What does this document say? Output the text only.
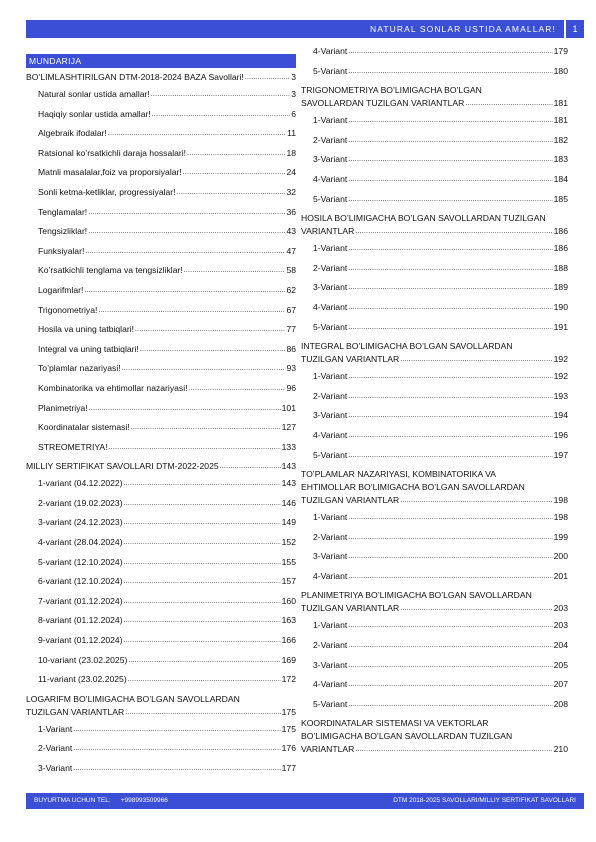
NATURAL SONLAR USTIDA AMALLAR!	1
MUNDARIJA
BO’LIMLASHTIRILGAN DTM-2018-2024 BAZA Savollari! .....	3
Natural sonlar ustida amallar! .....	3
Haqiqiy sonlar ustida amallar! .....	6
Algebraik ifodalar! .....	11
Ratsional ko’rsatkichli daraja hossalari! .....	18
Matnli masalalar,foiz va proporsiyalar! .....	24
Sonli ketma-ketliklar, progressiyalar! .....	32
Tenglamalar! .....	36
Tengsizliklar! .....	43
Funksiyalar! .....	47
Ko’rsatkichli tenglama va tengsizliklar! .....	58
Logarifmlar! .....	62
Trigonometriya! .....	67
Hosila va uning tatbiqlari! .....	77
Integral va uning tatbiqlari! .....	86
To’plamlar nazariyasi! .....	93
Kombinatorika va ehtimollar nazariyasi! .....	96
Planimetriya! .....	101
Koordinatalar sistemasi! .....	127
STREOMETRIYA! .....	133
MILLIY SERTIFIKAT SAVOLLARI DTM-2022-2025 .....	143
1-variant (04.12.2022) .....	143
2-variant (19.02.2023) .....	146
3-variant (24.12.2023) .....	149
4-variant (28.04.2024) .....	152
5-variant (12.10.2024) .....	155
6-variant (12.10.2024) .....	157
7-variant (01.12.2024) .....	160
8-variant (01.12.2024) .....	163
9-variant (01.12.2024) .....	166
10-variant (23.02.2025) .....	169
11-variant (23.02.2025) .....	172
LOGARIFM BO’LIMIGACHA BO’LGAN SAVOLLARDAN
TUZILGAN VARIANTLAR .....	175
1-Variant .....	175
2-Variant .....	176
3-Variant .....	177
4-Variant .....	179
5-Variant .....	180
TRIGONOMETRIYA BO’LIMIGACHA BO’LGAN
SAVOLLARDAN TUZILGAN VARIANTLAR .....	181
1-Variant .....	181
2-Variant .....	182
3-Variant .....	183
4-Variant .....	184
5-Variant .....	185
HOSILA BO’LIMIGACHA BO’LGAN SAVOLLARDAN TUZILGAN
VARIANTLAR .....	186
1-Variant .....	186
2-Variant .....	188
3-Variant .....	189
4-Variant .....	190
5-Variant .....	191
INTEGRAL BO’LIMIGACHA BO’LGAN SAVOLLARDAN
TUZILGAN VARIANTLAR .....	192
1-Variant .....	192
2-Variant .....	193
3-Variant .....	194
4-Variant .....	196
5-Variant .....	197
TO’PLAMLAR NAZARIYASI, KOMBINATORIKA VA
EHTIMOLLAR BO’LIMIGACHA BO’LGAN SAVOLLARDAN
TUZILGAN VARIANTLAR .....	198
1-Variant .....	198
2-Variant .....	199
3-Variant .....	200
4-Variant .....	201
PLANIMETRIYA BO’LIMIGACHA BO’LGAN SAVOLLARDAN
TUZILGAN VARIANTLAR .....	203
1-Variant .....	203
2-Variant .....	204
3-Variant .....	205
4-Variant .....	207
5-Variant .....	208
KOORDINATALAR SISTEMASI VA VEKTORLAR
BO’LIMIGACHA BO’LGAN SAVOLLARDAN TUZILGAN
VARIANTLAR .....	210
BUYURTMA UCHUN TEL: +998993509966	DTM 2018-2025 SAVOLLARI/MILLIY SERTIFIKAT SAVOLLARI
